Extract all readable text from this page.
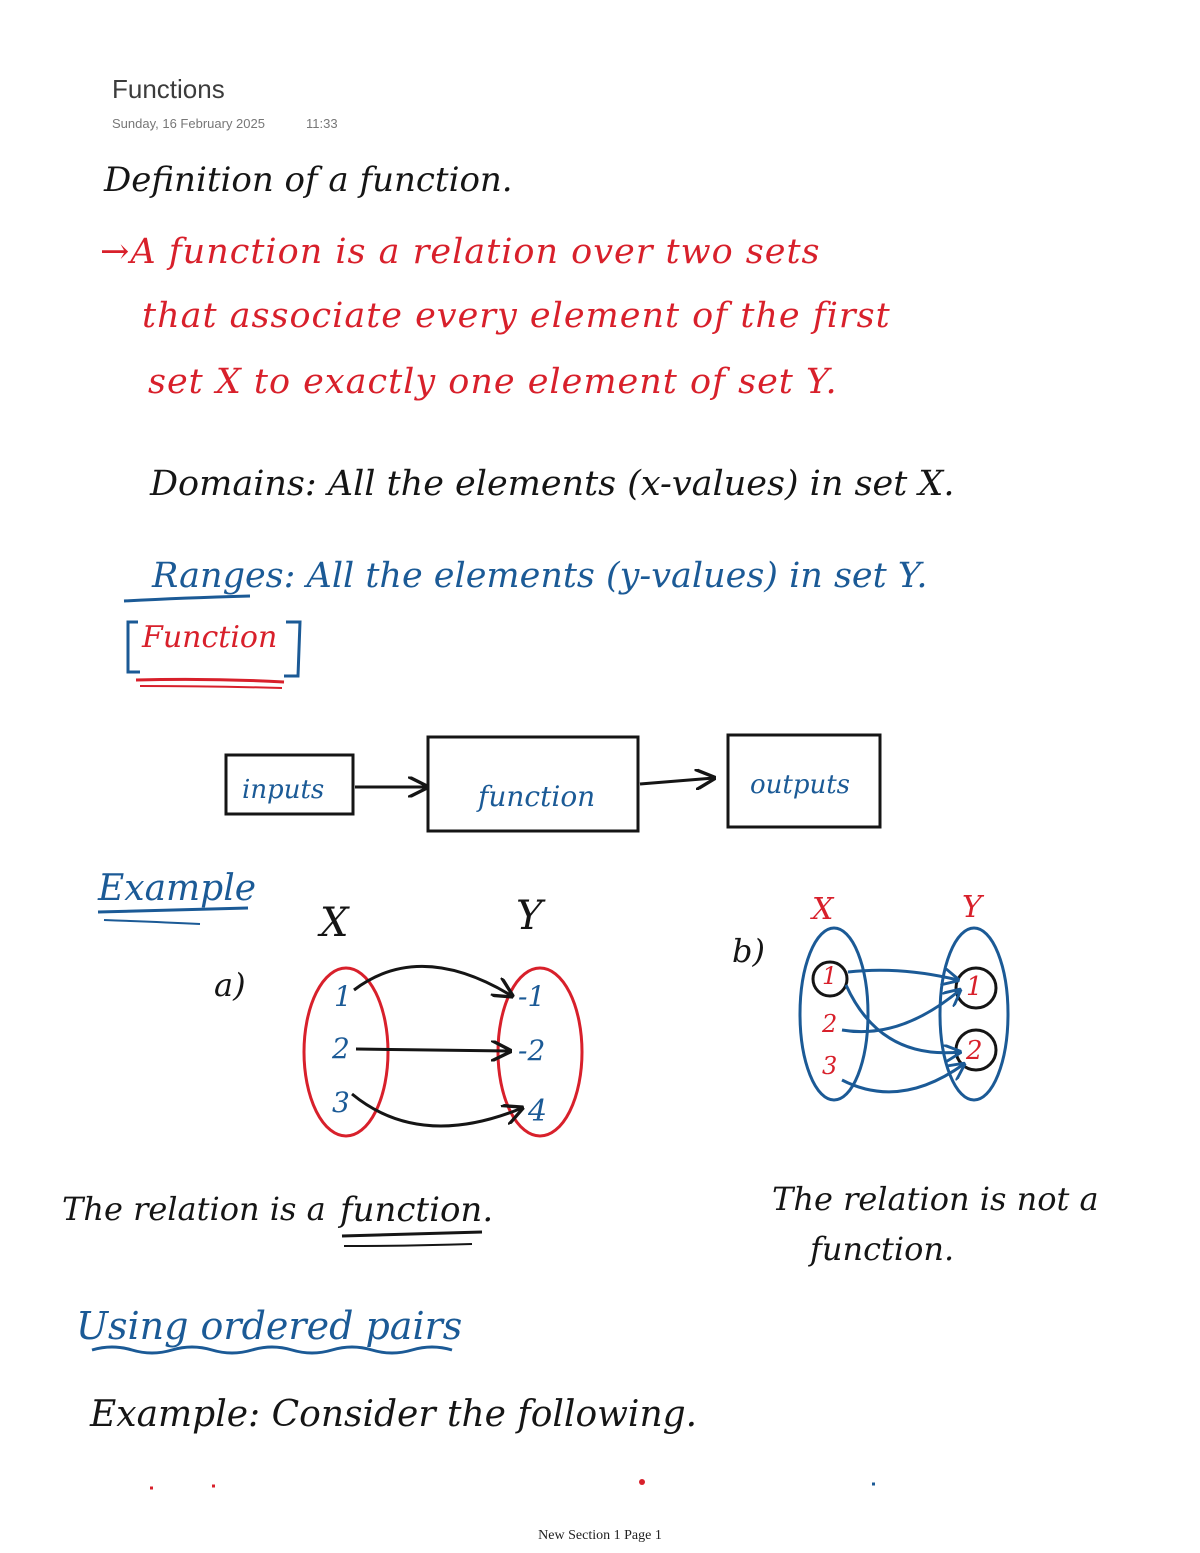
Functions
Sunday, 16 February 2025	11:33
Definition of a function.
→A function is a relation over two sets
that associate every element of the first
set X to exactly one element of set Y.
Domains: All the elements (x-values) in set X.
Ranges: All the elements (y-values) in set Y.
Function
inputs	function	outputs
Example
X	Y
a)	1
2
3
-1
-2
4
The relation is a function.
b)
X	Y
1
2
3
1
2
The relation is not a
function.
Using ordered pairs
Example: Consider the following.
New Section 1 Page 1
